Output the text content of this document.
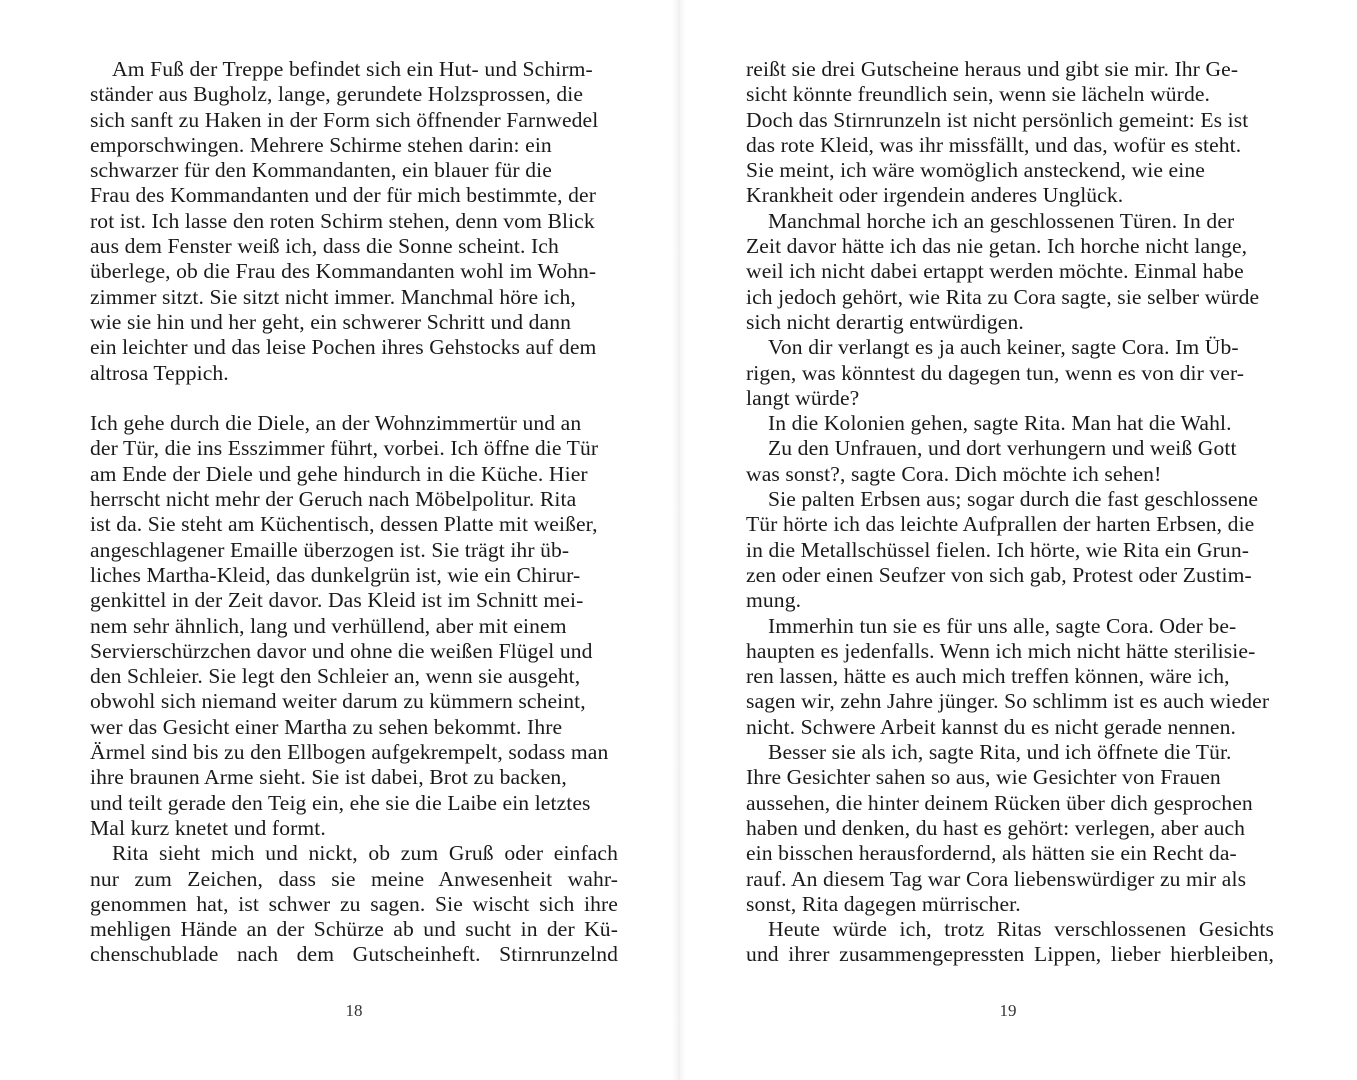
Am Fuß der Treppe befindet sich ein Hut- und Schirm-
ständer aus Bugholz, lange, gerundete Holzsprossen, die
sich sanft zu Haken in der Form sich öffnender Farnwedel
emporschwingen. Mehrere Schirme stehen darin: ein
schwarzer für den Kommandanten, ein blauer für die
Frau des Kommandanten und der für mich bestimmte, der
rot ist. Ich lasse den roten Schirm stehen, denn vom Blick
aus dem Fenster weiß ich, dass die Sonne scheint. Ich
überlege, ob die Frau des Kommandanten wohl im Wohn-
zimmer sitzt. Sie sitzt nicht immer. Manchmal höre ich,
wie sie hin und her geht, ein schwerer Schritt und dann
ein leichter und das leise Pochen ihres Gehstocks auf dem
altrosa Teppich.

Ich gehe durch die Diele, an der Wohnzimmertür und an
der Tür, die ins Esszimmer führt, vorbei. Ich öffne die Tür
am Ende der Diele und gehe hindurch in die Küche. Hier
herrscht nicht mehr der Geruch nach Möbelpolitur. Rita
ist da. Sie steht am Küchentisch, dessen Platte mit weißer,
angeschlagener Emaille überzogen ist. Sie trägt ihr üb-
liches Martha-Kleid, das dunkelgrün ist, wie ein Chirur-
genkittel in der Zeit davor. Das Kleid ist im Schnitt mei-
nem sehr ähnlich, lang und verhüllend, aber mit einem
Servierschürzchen davor und ohne die weißen Flügel und
den Schleier. Sie legt den Schleier an, wenn sie ausgeht,
obwohl sich niemand weiter darum zu kümmern scheint,
wer das Gesicht einer Martha zu sehen bekommt. Ihre
Ärmel sind bis zu den Ellbogen aufgekrempelt, sodass man
ihre braunen Arme sieht. Sie ist dabei, Brot zu backen,
und teilt gerade den Teig ein, ehe sie die Laibe ein letztes
Mal kurz knetet und formt.

Rita sieht mich und nickt, ob zum Gruß oder einfach
nur zum Zeichen, dass sie meine Anwesenheit wahr-
genommen hat, ist schwer zu sagen. Sie wischt sich ihre
mehligen Hände an der Schürze ab und sucht in der Kü-
chenschublade nach dem Gutscheinheft. Stirnrunzelnd

18

reißt sie drei Gutscheine heraus und gibt sie mir. Ihr Ge-
sicht könnte freundlich sein, wenn sie lächeln würde.
Doch das Stirnrunzeln ist nicht persönlich gemeint: Es ist
das rote Kleid, was ihr missfällt, und das, wofür es steht.
Sie meint, ich wäre womöglich ansteckend, wie eine
Krankheit oder irgendein anderes Unglück.

Manchmal horche ich an geschlossenen Türen. In der
Zeit davor hätte ich das nie getan. Ich horche nicht lange,
weil ich nicht dabei ertappt werden möchte. Einmal habe
ich jedoch gehört, wie Rita zu Cora sagte, sie selber würde
sich nicht derartig entwürdigen.

Von dir verlangt es ja auch keiner, sagte Cora. Im Üb-
rigen, was könntest du dagegen tun, wenn es von dir ver-
langt würde?

In die Kolonien gehen, sagte Rita. Man hat die Wahl.

Zu den Unfrauen, und dort verhungern und weiß Gott
was sonst?, sagte Cora. Dich möchte ich sehen!

Sie palten Erbsen aus; sogar durch die fast geschlossene
Tür hörte ich das leichte Aufprallen der harten Erbsen, die
in die Metallschüssel fielen. Ich hörte, wie Rita ein Grun-
zen oder einen Seufzer von sich gab, Protest oder Zustim-
mung.

Immerhin tun sie es für uns alle, sagte Cora. Oder be-
haupten es jedenfalls. Wenn ich mich nicht hätte sterilisie-
ren lassen, hätte es auch mich treffen können, wäre ich,
sagen wir, zehn Jahre jünger. So schlimm ist es auch wieder
nicht. Schwere Arbeit kannst du es nicht gerade nennen.

Besser sie als ich, sagte Rita, und ich öffnete die Tür.
Ihre Gesichter sahen so aus, wie Gesichter von Frauen
aussehen, die hinter deinem Rücken über dich gesprochen
haben und denken, du hast es gehört: verlegen, aber auch
ein bisschen herausfordernd, als hätten sie ein Recht da-
rauf. An diesem Tag war Cora liebenswürdiger zu mir als
sonst, Rita dagegen mürrischer.

Heute würde ich, trotz Ritas verschlossenen Gesichts
und ihrer zusammengepressten Lippen, lieber hierbleiben,

19
